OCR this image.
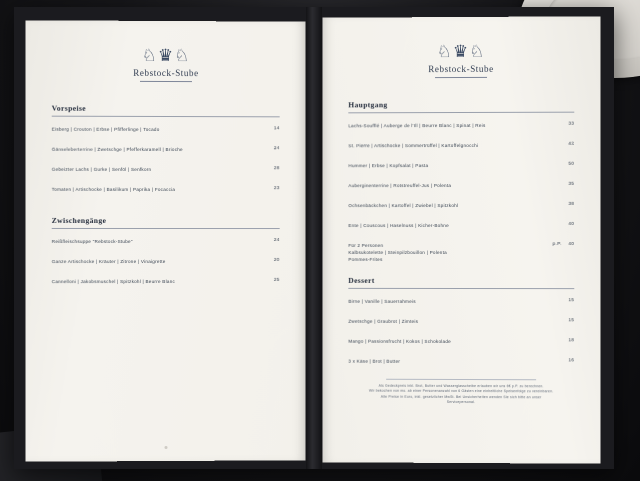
♘♛♘
Rebstock-Stube
Vorspeise
Eisberg | Crouton | Erbse | Pfifferlinge | Tocado	14
Gänseleberterrine | Zwetschge | Pfefferkaramell | Brioche	24
Gebeizter Lachs | Gurke | Senföl | Senfkorn	28
Tomaten | Artischocke | Basilikum | Paprika | Focaccia	23
Zwischengänge
Reißfleischsuppe "Rebstock-Stube"	24
Ganze Artischocke | Kräuter | Zitrone | Vinaigrette	20
Cannelloni | Jakobsmuschel | Spitzkohl | Beurre Blanc	25
♘♛♘
Rebstock-Stube
Hauptgang
Lachs-Soufflé | Auberge de l'Ill | Beurre Blanc | Spinat | Reis	33
St. Pierre | Artischocke | Sommertrüffel | Kartoffelgnocchi	42
Hummer | Erbse | Kopfsalat | Pasta	50
Auberginenterrine | Rotstreuffel-Jus | Polenta	35
Ochsenbäckchen | Kartoffel | Zwiebel | Spitzkohl	38
Ente | Couscous | Haselnuss | Kicher-Bohne	40
Für 2 Personen
Kalbsukotelette | Steinpilzbouillon | Polenta
Pommes-Frites
p.P. 40
Dessert
Birne | Vanille | Sauerrahmeis	15
Zwetschge | Graubrot | Zimteis	15
Mango | Passionsfrucht | Kokos | Schokolade	18
3 x Käse | Brot | Butter	16
Als Gedeckpreis inkl. Brot, Butter und Wasserglasscheibe erlauben wir uns 6€ p.P. zu berechnen.
Wir bekochen von mo. ab einer Personenanzahl von 6 Gästen eine einheitliche Speisenfolge zu vereinbaren.
Alle Preise in Euro, inkl. gesetzlicher MwSt. Bei Unsicherheiten wenden Sie sich bitte an unser Servicepersonal.
